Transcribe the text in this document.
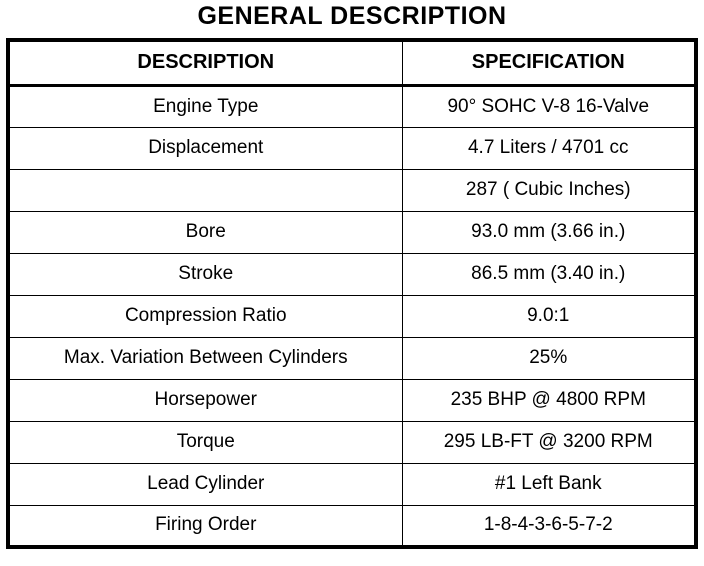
GENERAL DESCRIPTION
DESCRIPTION	SPECIFICATION
Engine Type	90° SOHC V-8 16-Valve
Displacement	4.7 Liters / 4701 cc
	287 ( Cubic Inches)
Bore	93.0 mm (3.66 in.)
Stroke	86.5 mm (3.40 in.)
Compression Ratio	9.0:1
Max. Variation Between Cylinders	25%
Horsepower	235 BHP @ 4800 RPM
Torque	295 LB-FT @ 3200 RPM
Lead Cylinder	#1 Left Bank
Firing Order	1-8-4-3-6-5-7-2
